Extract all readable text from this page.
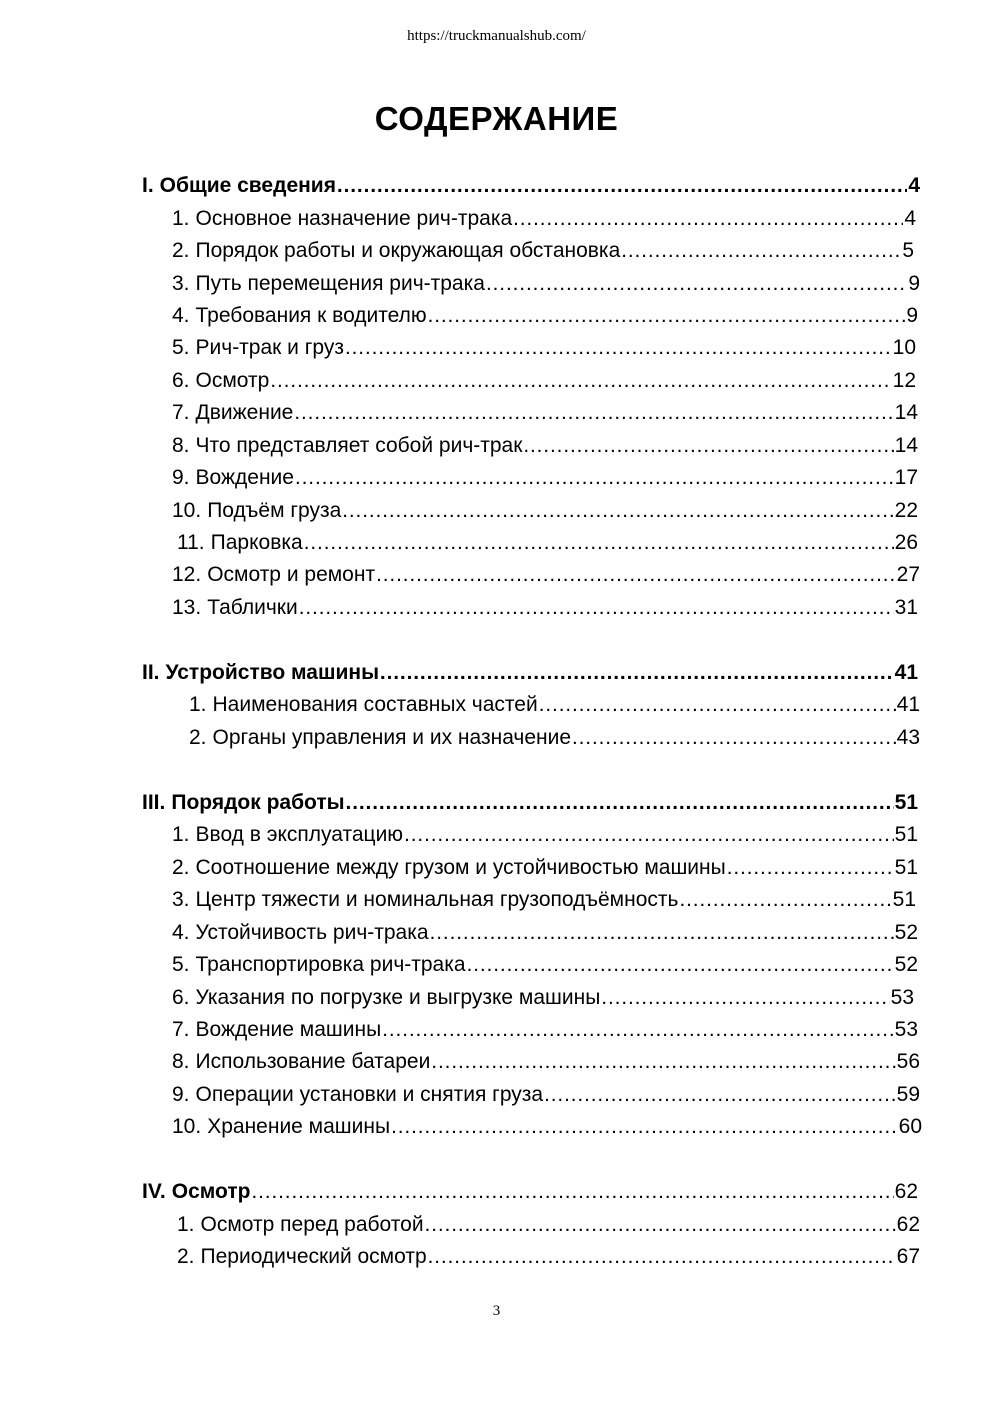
https://truckmanualshub.com/
СОДЕРЖАНИЕ
I. Общие сведения ……………………………………………………………………………………………………………………………………………………………………………………………………	4
1. Основное назначение рич-трака ……………………………………………………………………………………………………………………………………………………………………………………………………	4
2. Порядок работы и окружающая обстановка ……………………………………………………………………………………………………………………………………………………………………………………………………	5
3. Путь перемещения рич-трака ……………………………………………………………………………………………………………………………………………………………………………………………………	9
4. Требования к водителю ……………………………………………………………………………………………………………………………………………………………………………………………………	9
5. Рич-трак и груз ……………………………………………………………………………………………………………………………………………………………………………………………………	10
6. Осмотр ……………………………………………………………………………………………………………………………………………………………………………………………………	12
7. Движение ……………………………………………………………………………………………………………………………………………………………………………………………………	14
8. Что представляет собой рич-трак ……………………………………………………………………………………………………………………………………………………………………………………………………	14
9. Вождение ……………………………………………………………………………………………………………………………………………………………………………………………………	17
10. Подъём груза ……………………………………………………………………………………………………………………………………………………………………………………………………	22
11. Парковка ……………………………………………………………………………………………………………………………………………………………………………………………………	26
12. Осмотр и ремонт ……………………………………………………………………………………………………………………………………………………………………………………………………	27
13. Таблички ……………………………………………………………………………………………………………………………………………………………………………………………………	31
II. Устройство машины ……………………………………………………………………………………………………………………………………………………………………………………………………	41
1. Наименования составных частей ……………………………………………………………………………………………………………………………………………………………………………………………………	41
2. Органы управления и их назначение ……………………………………………………………………………………………………………………………………………………………………………………………………	43
III. Порядок работы ……………………………………………………………………………………………………………………………………………………………………………………………………	51
1. Ввод в эксплуатацию ……………………………………………………………………………………………………………………………………………………………………………………………………	51
2. Соотношение между грузом и устойчивостью машины ……………………………………………………………………………………………………………………………………………………………………………………………………	51
3. Центр тяжести и номинальная грузоподъёмность ……………………………………………………………………………………………………………………………………………………………………………………………………	51
4. Устойчивость рич-трака ……………………………………………………………………………………………………………………………………………………………………………………………………	52
5. Транспортировка рич-трака ……………………………………………………………………………………………………………………………………………………………………………………………………	52
6. Указания по погрузке и выгрузке машины ……………………………………………………………………………………………………………………………………………………………………………………………………	53
7. Вождение машины ……………………………………………………………………………………………………………………………………………………………………………………………………	53
8. Использование батареи ……………………………………………………………………………………………………………………………………………………………………………………………………	56
9. Операции установки и снятия груза ……………………………………………………………………………………………………………………………………………………………………………………………………	59
10. Хранение машины ……………………………………………………………………………………………………………………………………………………………………………………………………	60
IV. Осмотр ……………………………………………………………………………………………………………………………………………………………………………………………………	62
1. Осмотр перед работой ……………………………………………………………………………………………………………………………………………………………………………………………………	62
2. Периодический осмотр ……………………………………………………………………………………………………………………………………………………………………………………………………	67
3
